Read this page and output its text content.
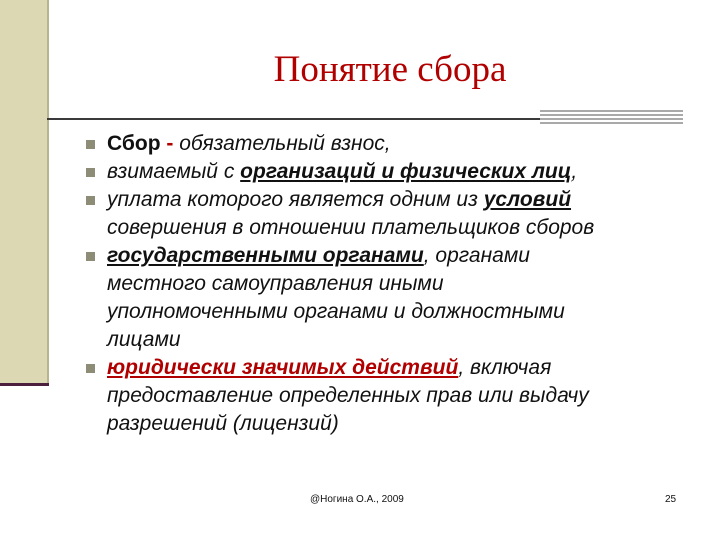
Понятие сбора
Сбор - обязательный взнос,
взимаемый с организаций и физических лиц,
уплата которого является одним из условий
совершения в отношении плательщиков сборов
государственными органами, органами
местного самоуправления иными
уполномоченными органами и должностными
лицами
юридически значимых действий, включая
предоставление определенных прав или выдачу
разрешений (лицензий)
@Ногина О.А., 2009	25
